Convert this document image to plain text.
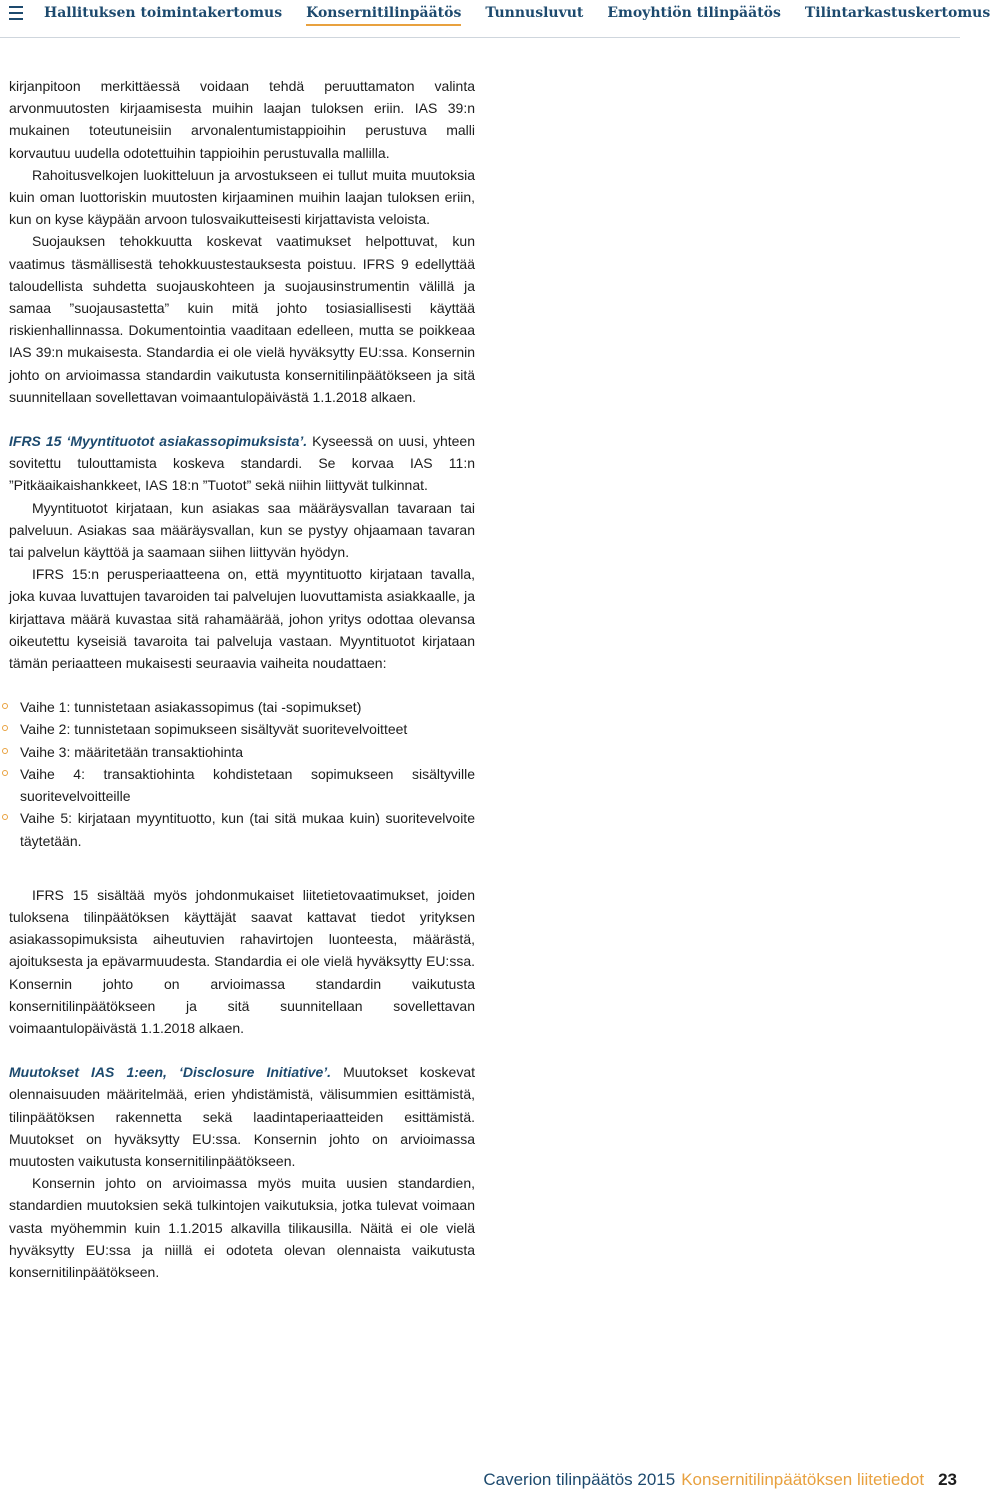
Hallituksen toimintakertomus Konsernitilinpäätös Tunnusluvut Emoyhtiön tilinpäätös Tilintarkastuskertomus

kirjanpitoon merkittäessä voidaan tehdä peruuttamaton valinta arvonmuutosten kirjaamisesta muihin laajan tuloksen eriin. IAS 39:n mukainen toteutuneisiin arvonalentumistappioihin perustuva malli korvautuu uudella odotettuihin tappioihin perustuvalla mallilla.

Rahoitusvelkojen luokitteluun ja arvostukseen ei tullut muita muutoksia kuin oman luottoriskin muutosten kirjaaminen muihin laajan tuloksen eriin, kun on kyse käypään arvoon tulosvaikutteisesti kirjattavista veloista.

Suojauksen tehokkuutta koskevat vaatimukset helpottuvat, kun vaatimus täsmällisestä tehokkuustestauksesta poistuu. IFRS 9 edellyttää taloudellista suhdetta suojauskohteen ja suojausinstrumentin välillä ja samaa ”suojausastetta” kuin mitä johto tosiasiallisesti käyttää riskienhallinnassa. Dokumentointia vaaditaan edelleen, mutta se poikkeaa IAS 39:n mukaisesta. Standardia ei ole vielä hyväksytty EU:ssa. Konsernin johto on arvioimassa standardin vaikutusta konsernitilinpäätökseen ja sitä suunnitellaan sovellettavan voimaantulopäivästä 1.1.2018 alkaen.

IFRS 15 ‘Myyntituotot asiakassopimuksista’. Kyseessä on uusi, yhteen sovitettu tulouttamista koskeva standardi. Se korvaa IAS 11:n ”Pitkäaikaishankkeet, IAS 18:n ”Tuotot” sekä niihin liittyvät tulkinnat.

Myyntituotot kirjataan, kun asiakas saa määräysvallan tavaraan tai palveluun. Asiakas saa määräysvallan, kun se pystyy ohjaamaan tavaran tai palvelun käyttöä ja saamaan siihen liittyvän hyödyn.

IFRS 15:n perusperiaatteena on, että myyntituotto kirjataan tavalla, joka kuvaa luvattujen tavaroiden tai palvelujen luovuttamista asiakkaalle, ja kirjattava määrä kuvastaa sitä rahamäärää, johon yritys odottaa olevansa oikeutettu kyseisiä tavaroita tai palveluja vastaan. Myyntituotot kirjataan tämän periaatteen mukaisesti seuraavia vaiheita noudattaen:

Vaihe 1: tunnistetaan asiakassopimus (tai -sopimukset)
Vaihe 2: tunnistetaan sopimukseen sisältyvät suoritevelvoitteet
Vaihe 3: määritetään transaktiohinta
Vaihe 4: transaktiohinta kohdistetaan sopimukseen sisältyville suoritevelvoitteille
Vaihe 5: kirjataan myyntituotto, kun (tai sitä mukaa kuin) suoritevelvoite täytetään.

IFRS 15 sisältää myös johdonmukaiset liitetietovaatimukset, joiden tuloksena tilinpäätöksen käyttäjät saavat kattavat tiedot yrityksen asiakassopimuksista aiheutuvien rahavirtojen luonteesta, määrästä, ajoituksesta ja epävarmuudesta. Standardia ei ole vielä hyväksytty EU:ssa. Konsernin johto on arvioimassa standardin vaikutusta konsernitilinpäätökseen ja sitä suunnitellaan sovellettavan voimaantulopäivästä 1.1.2018 alkaen.

Muutokset IAS 1:een, ‘Disclosure Initiative’. Muutokset koskevat olennaisuuden määritelmää, erien yhdistämistä, välisummien esittämistä, tilinpäätöksen rakennetta sekä laadintaperiaatteiden esittämistä. Muutokset on hyväksytty EU:ssa. Konsernin johto on arvioimassa muutosten vaikutusta konsernitilinpäätökseen.

Konsernin johto on arvioimassa myös muita uusien standardien, standardien muutoksien sekä tulkintojen vaikutuksia, jotka tulevat voimaan vasta myöhemmin kuin 1.1.2015 alkavilla tilikausilla. Näitä ei ole vielä hyväksytty EU:ssa ja niillä ei odoteta olevan olennaista vaikutusta konsernitilinpäätökseen.

Caverion tilinpäätös 2015 Konsernitilinpäätöksen liitetiedot 23
